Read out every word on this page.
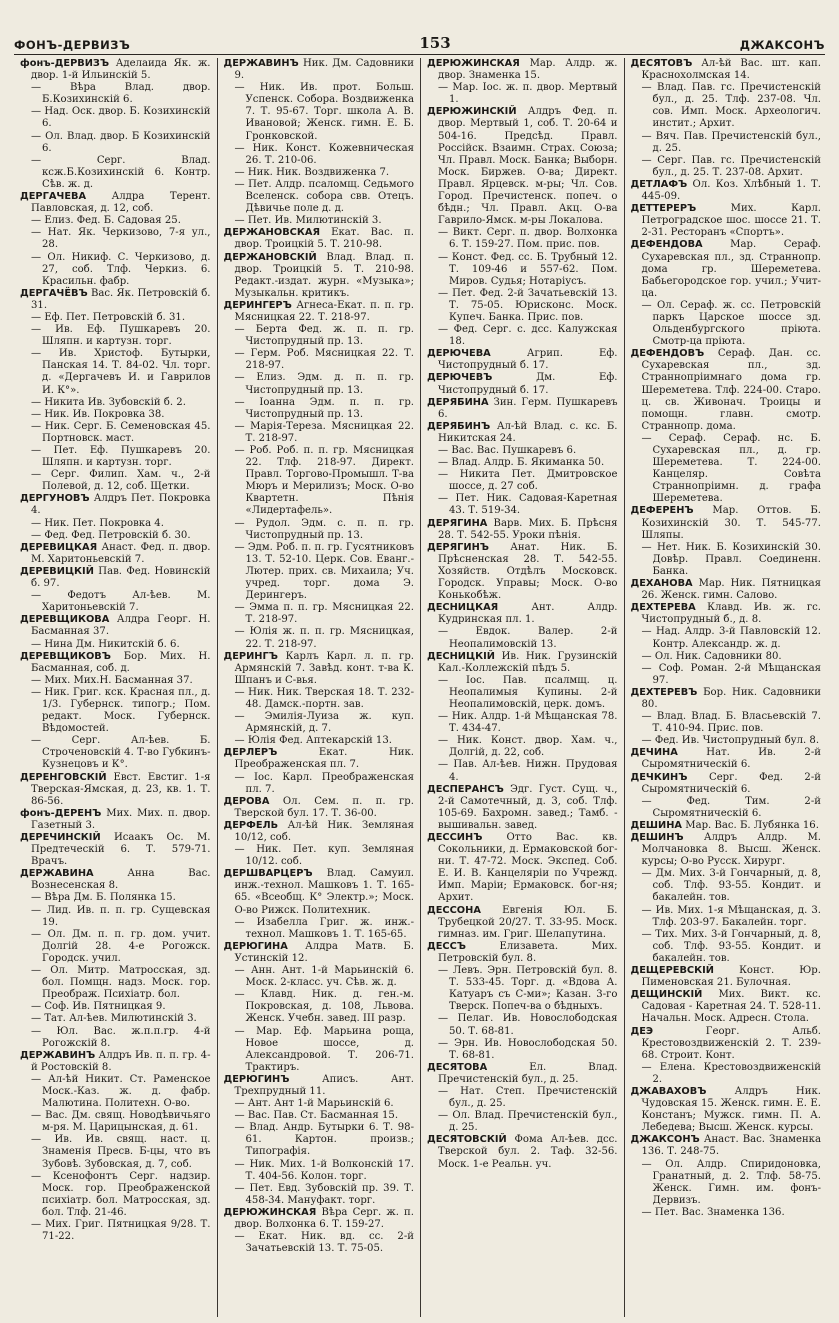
ФОНЪ-ДЕРВИЗЪ	153	ДЖАКСОНЪ
фонъ-ДЕРВИЗЪ Аделаида Як. ж. двор. 1-й Ильинскій 5.
— Вѣра Влад. двор. Б.Козихинскій 6.
— Над. Оск. двор. Б. Козихинскій 6.
— Ол. Влад. двор. Б Козихинскій 6.
— Серг. Влад. ксж.Б.Козихинскій 6. Контр. Сѣв. ж. д.
ДЕРГАЧЕВА	Алдра Терент. Павловская, д. 12, соб.
— Елиз. Фед. Б. Садовая 25.
— Нат. Як. Черкизово, 7-я ул., 28.
— Ол. Никиф. С. Черкизово, д. 27, соб. Тлф. Черкиз. 6. Красильн. фабр.
ДЕРГАЧЁВЪ Вас. Як. Петровскій б. 31.
— Еф. Пет. Петровскій б. 31.
— Ив. Еф. Пушкаревъ 20. Шляпн. и картузн. торг.
— Ив. Христоф. Бутырки, Панская 14. Т. 84-02. Чл. торг. д. «Дергачевъ И. и Гаврилов И. К°».
— Никита Ив. Зубовскій б. 2.
— Ник. Ив. Покровка 38.
— Ник. Серг. Б. Семеновская 45. Портновск. маст.
— Пет. Еф. Пушкаревъ 20. Шляпн. и картузн. торг.
— Серг. Филип. Хам. ч., 2-й Полевой, д. 12, соб. Щетки.
ДЕРГУНОВЪ Алдръ Пет. Покровка 4.
— Ник. Пет. Покровка 4.
— Фед. Фед. Петровскій б. 30.
ДЕРЕВИЦКАЯ Анаст. Фед. п. двор. М. Харитоньевскій 7.
ДЕРЕВИЦКІЙ Пав. Фед. Новинскій б. 97.
— Федотъ Ал-ѣев. М. Харитоньевскій 7.
ДЕРЕВЩИКОВА Алдра Георг. Н. Басманная 37.
— Нина Дм. Никитскій б. 6.
ДЕРЕВЩИКОВЪ Бор. Мих. Н. Басманная, соб. д.
— Мих. Мих.Н. Басманная 37.
— Ник. Григ. кск. Красная пл., д. 1/3. Губернск. типогр.; Пом. редакт. Моск. Губернск. Вѣдомостей.
— Серг. Ал-ѣев. Б. Строченовскій 4. Т-во Губкинъ-Кузнецовъ и К°.
ДЕРЕНГОВСКІЙ Евст. Евстиг. 1-я Тверская-Ямская, д. 23, кв. 1. Т. 86-56.
фонъ-ДЕРЕНЪ Мих. Мих. п. двор. Газетный 3.
ДЕРЕЧИНСКІЙ Исаакъ Ос. М. Предтеческій 6. Т. 579-71. Врачъ.
ДЕРЖАВИНА	Анна Вас. Вознесенская 8.
— Вѣра Дм. Б. Полянка 15.
— Лид. Ив. п. п. гр. Сущевская 19.
— Ол. Дм. п. п. гр. дом. учит. Долгій 28. 4-е Рогожск. Городск. учил.
— Ол. Митр. Матросская, зд. бол. Помщн. надз. Моск. гор. Преображ. Психіатр. бол.
— Соф. Ив. Пятницкая 9.
— Тат. Ал-ѣев. Милютинскій 3.
— Юл. Вас. ж.п.п.гр. 4-й Рогожскій 8.
ДЕРЖАВИНЪ Алдръ Ив. п. п. гр. 4-й Ростовскій 8.
— Ал-ѣй Никит. Ст. Раменское Моск.-Каз. ж. д. фабр. Малютина. Политехн. О-во.
— Вас. Дм. свящ. Новодѣвичьяго м-ря. М. Царицынская, д. 61.
— Ив. Ив. свящ. наст. ц. Знаменія Пресв. Б-цы, что въ Зубовѣ. Зубовская, д. 7, соб.
— Ксенофонтъ Серг. надзир. Моск. гор. Преображенской психіатр. бол. Матросская, зд. бол. Тлф. 21-46.
— Мих. Григ. Пятницкая 9/28. Т. 71-22.
ДЕРЖАВИНЪ Ник. Дм. Садовники 9.
— Ник. Ив. прот. Больш. Успенск. Собора. Воздвиженка 7. Т. 95-67. Торг. школа А. В. Ивановой; Женск. гимн. Е. Б. Гронковской.
— Ник. Конст. Кожевническая 26. Т. 210-06.
— Ник. Ник. Воздвиженка 7.
— Пет. Алдр. псаломщ. Седьмого Вселенск. собора свв. Отецъ. Дѣвичье поле д. д.
— Пет. Ив. Милютинскій 3.
ДЕРЖАНОВСКАЯ Екат. Вас. п. двор. Троицкій 5. Т. 210-98.
ДЕРЖАНОВСКІЙ Влад. Влад. п. двор. Троицкій 5. Т. 210-98. Редакт.-издат. журн. «Музыка»; Музыкальн. критикъ.
ДЕРИНГЕРЪ Агнеса-Екат. п. п. гр. Мясницкая 22. Т. 218-97.
— Берта Фед. ж. п. п. гр. Чистопрудный пр. 13.
— Герм. Роб. Мясницкая 22. Т. 218-97.
— Елиз. Эдм. д. п. п. гр. Чистопрудный пр. 13.
— Іоанна Эдм. п. п. гр. Чистопрудный пр. 13.
— Марія-Тереза. Мясницкая 22. Т. 218-97.
— Роб. Роб. п. п. гр. Мясницкая 22. Тлф. 218-97. Директ. Правл. Торгово-Промышл. Т-ва Мюръ и Мерилизъ; Моск. О-во Квартетн. Пѣнія «Лидертафель».
— Рудол. Эдм. с. п. п. гр. Чистопрудный пр. 13.
— Эдм. Роб. п. п. гр. Гусятниковъ 13. Т. 52-10. Церк. Сов. Еванг.-Лютер. прих. св. Михаила; Уч. учред. торг. дома Э. Дерингеръ.
— Эмма п. п. гр. Мясницкая 22. Т. 218-97.
— Юлія ж. п. п. гр. Мясницкая, 22. Т. 218-97.
ДЕРИНГЪ Карлъ Карл. л. п. гр. Армянскій 7. Завѣд. конт. т-ва К. Шпанъ и С-вья.
— Ник. Ник. Тверская 18. Т. 232-48. Дамск.-портн. зав.
— Эмилія-Луиза ж. куп. Армянскій, д. 7.
— Юлія Фед. Аптекарскій 13.
ДЕРЛЕРЪ	Екат. Ник. Преображенская пл. 7.
— Іос. Карл. Преображенская пл. 7.
ДЕРОВА Ол. Сем. п. п. гр. Тверской бул. 17. Т. 36-00.
ДЕРФЕЛЬ Ал-ѣй Ник. Земляная 10/12, соб.
— Ник. Пет. куп. Земляная 10/12. соб.
ДЕРШВАРЦЕРЪ Влад. Самуил. инж.-технол. Машковъ 1. Т. 165-65. «Всеобщ. К° Электр.»; Моск. О-во Рижск. Политехник.
— Изабелла Григ. ж. инж.-технол. Машковъ 1. Т. 165-65.
ДЕРЮГИНА Алдра Матв. Б. Устинскій 12.
— Анн. Ант. 1-й Марьинскій 6. Моск. 2-класс. уч. Сѣв. ж. д.
— Клавд. Ник. д. ген.-м. Покровская, д. 108, Львова. Женск. Учебн. завед. III разр.
— Мар. Еф. Марьина роща, Новое шоссе, д. Александровой. Т. 206-71. Трактиръ.
ДЕРЮГИНЪ	Аписъ. Ант. Трехпрудный 11.
— Ант. Ант 1-й Марьинскій 6.
— Вас. Пав. Ст. Басманная 15.
— Влад. Андр. Бутырки 6. Т. 98-61. Картон. произв.; Типографія.
— Ник. Мих. 1-й Волконскій 17. Т. 404-56. Колон. торг.
— Пет. Евд. Зубовскій пр. 39. Т. 458-34. Мануфакт. торг.
ДЕРЮЖИНСКАЯ Вѣра Серг. ж. п. двор. Волхонка 6. Т. 159-27.
— Екат. Ник. вд. сс. 2-й Зачатьевскій 13. Т. 75-05.
ДЕРЮЖИНСКАЯ Мар. Алдр. ж. двор. Знаменка 15.
— Мар. Іос. ж. п. двор. Мертвый 1.
ДЕРЮЖИНСКІЙ Алдръ Фед. п. двор. Мертвый 1, соб. Т. 20-64 и 504-16. Предсѣд. Правл. Россійск. Взаимн. Страх. Союза; Чл. Правл. Моск. Банка; Выборн. Моск. Биржев. О-ва; Директ. Правл. Ярцевск. м-ры; Чл. Сов. Город. Пречистенск. попеч. о бѣдн.; Чл. Правл. Акц. О-ва Гаврило-Ямск. м-ры Локалова.
— Викт. Серг. п. двор. Волхонка 6. Т. 159-27. Пом. прис. пов.
— Конст. Фед. сс. Б. Трубный 12. Т. 109-46 и 557-62. Пом. Миров. Судья; Нотаріусъ.
— Пет. Фед. 2-й Зачатьевскій 13. Т. 75-05. Юрисконс. Моск. Купеч. Банка. Прис. пов.
— Фед. Серг. с. дсс. Калужская 18.
ДЕРЮЧЕВА	Агрип. Еф. Чистопрудный б. 17.
ДЕРЮЧЕВЪ	Дм. Еф. Чистопрудный б. 17.
ДЕРЯБИНА Зин. Герм. Пушкаревъ 6.
ДЕРЯБИНЪ Ал-ѣй Влад. с. кс. Б. Никитская 24.
— Вас. Вас. Пушкаревъ 6.
— Влад. Алдр. Б. Якиманка 50.
— Никита Пет. Дмитровское шоссе, д. 27 соб.
— Пет. Ник. Садовая-Каретная 43. Т. 519-34.
ДЕРЯГИНА Варв. Мих. Б. Прѣсня 28. Т. 542-55. Уроки пѣнія.
ДЕРЯГИНЪ Анат. Ник. Б. Прѣсненская 28. Т. 542-55. Хозяйств. Отдѣлъ Московск. Городск. Управы; Моск. О-во Конькобѣж.
ДЕСНИЦКАЯ	Ант. Алдр. Кудринская пл. 1.
— Евдок. Валер. 2-й Неопалимовскій 13.
ДЕСНИЦКІЙ Ив. Ник. Грузинскій Кал.-Коллежскій пѣдъ 5.
— Іос. Пав. псалмщ. ц. Неопалимыя Купины. 2-й Неопалимовскій, церк. домъ.
— Ник. Алдр. 1-й Мѣщанская 78. Т. 434-47.
— Ник. Конст. двор. Хам. ч., Долгій, д. 22, соб.
— Пав. Ал-ѣев. Нижн. Прудовая 4.
ДЕСПЕРАНСЪ Эдг. Густ. Сущ. ч., 2-й Самотечный, д. 3, соб. Тлф. 105-69. Бахромн. завед.; Тамб. - вышивальн. завед.
ДЕССИНЪ Отто Вас. кв. Сокольники, д. Ермаковской бог-ни. Т. 47-72. Моск. Экспед. Соб. Е. И. В. Канцеляріи по Учрежд. Имп. Маріи; Ермаковск. бог-ня; Архит.
ДЕССОНА Евгенія Юл. Б. Трубецкой 20/27. Т. 33-95. Моск. гимназ. им. Григ. Шелапутина.
ДЕССЪ	Елизавета. Мих. Петровскій бул. 8.
— Левъ. Эрн. Петровскій бул. 8. Т. 533-45. Торг. д. «Вдова А. Катуаръ съ С-ми»; Казан. 3-го Тверск. Попеч-ва о бѣдныхъ.
— Пелаг. Ив. Новослободская 50. Т. 68-81.
— Эрн. Ив. Новослободская 50. Т. 68-81.
ДЕСЯТОВА	Ел. Влад. Пречистенскій бул., д. 25.
— Нат. Степ. Пречистенскій бул., д. 25.
— Ол. Влад. Пречистенскій бул., д. 25.
ДЕСЯТОВСКІЙ Фома Ал-ѣев. дсс. Тверской бул. 2. Таф. 32-56. Моск. 1-е Реальн. уч.
ДЕСЯТОВЪ Ал-ѣй Вас. шт. кап. Краснохолмская 14.
— Влад. Пав. гс. Пречистенскій бул., д. 25. Тлф. 237-08. Чл. сов. Имп. Моск. Археологич. инстит.; Архит.
— Вяч. Пав. Пречистенскій бул., д. 25.
— Серг. Пав. гс. Пречистенскій бул., д. 25. Т. 237-08. Архит.
ДЕТЛАФЪ Ол. Коз. Хлѣбный 1. Т. 445-09.
ДЕТТЕРЕРЪ	Мих. Карл. Петроградское шос. шоссе 21. Т. 2-31. Ресторанъ «Спортъ».
ДЕФЕНДОВА	Мар. Сераф. Сухаревская пл., зд. Страннопр. дома гр. Шереметева. Бабьегородское гор. учил.; Учит-ца.
— Ол. Сераф. ж. сс. Петровскій паркъ Царское шоссе зд. Ольденбургского пріюта. Смотр-ца пріюта.
ДЕФЕНДОВЪ Сераф. Дан. сс. Сухаревская пл., зд. Страннопріимнаго дома гр. Шереметева. Тлф. 224-00. Старо. ц. св. Живонач. Троицы и помощн. главн. смотр. Страннопр. дома.
— Сераф. Сераф. нс. Б. Сухаревская пл., д. гр. Шереметева. Т. 224-00. Канцеляр. Совѣта Страннопріимн. д. графа Шереметева.
ДЕФЕРЕНЪ Мар. Оттов. Б. Козихинскій 30. Т. 545-77. Шляпы.
— Нет. Ник. Б. Козихинскій 30. Довѣр. Правл. Соединенн. Банка.
ДЕХАНОВА Мар. Ник. Пятницкая 26. Женск. гимн. Салово.
ДЕХТЕРЕВА Клавд. Ив. ж. гс. Чистопрудный б., д. 8.
— Над. Алдр. 3-й Павловскій 12. Контр. Александр. ж. д.
— Ол. Ник. Садовники 80.
— Соф. Роман. 2-й Мѣщанская 97.
ДЕХТЕРЕВЪ Бор. Ник. Садовники 80.
— Влад. Влад. Б. Власьевскій 7. Т. 410-94. Прис. пов.
— Фед. Ив. Чистопрудный бул. 8.
ДЕЧИНА	Нат. Ив. 2-й Сыромятническій 6.
ДЕЧКИНЪ Серг. Фед. 2-й Сыромятническій 6.
— Фед. Тим. 2-й Сыромятническій 6.
ДЕШИНА Мар. Вас. Б. Лубянка 16.
ДЕШИНЪ Алдръ Алдр. М. Молчановка 8. Высш. Женск. курсы; О-во Русск. Хирург.
— Дм. Мих. 3-й Гончарный, д. 8, соб. Тлф. 93-55. Кондит. и бакалейн. тов.
— Ив. Мих. 1-я Мѣщанская, д. 3. Тлф. 203-97. Бакалейн. торг.
— Тих. Мих. 3-й Гончарный, д. 8, соб. Тлф. 93-55. Кондит. и бакалейн. тов.
ДЕЩЕРЕВСКІЙ Конст. Юр. Пименовская 21. Булочная.
ДЕЩИНСКІЙ Мих. Викт. кс. Садовая - Каретная 24. Т. 528-11. Начальн. Моск. Адресн. Стола.
ДЕЭ	Георг. Альб. Крестовоздвиженскій 2. Т. 239-68. Строит. Конт.
— Елена. Крестовоздвиженскій 2.
ДЖАВАХОВЪ	Алдръ Ник. Чудовская 15. Женск. гимн. Е. Е. Констанъ; Мужск. гимн. П. А. Лебедева; Высш. Женск. курсы.
ДЖАКСОНЪ Анаст. Вас. Знаменка 136. Т. 248-75.
— Ол. Алдр. Спиридоновка, Гранатный, д. 2. Тлф. 58-75. Женск. Гимн. им. фонъ-Дервизъ.
— Пет. Вас. Знаменка 136.
